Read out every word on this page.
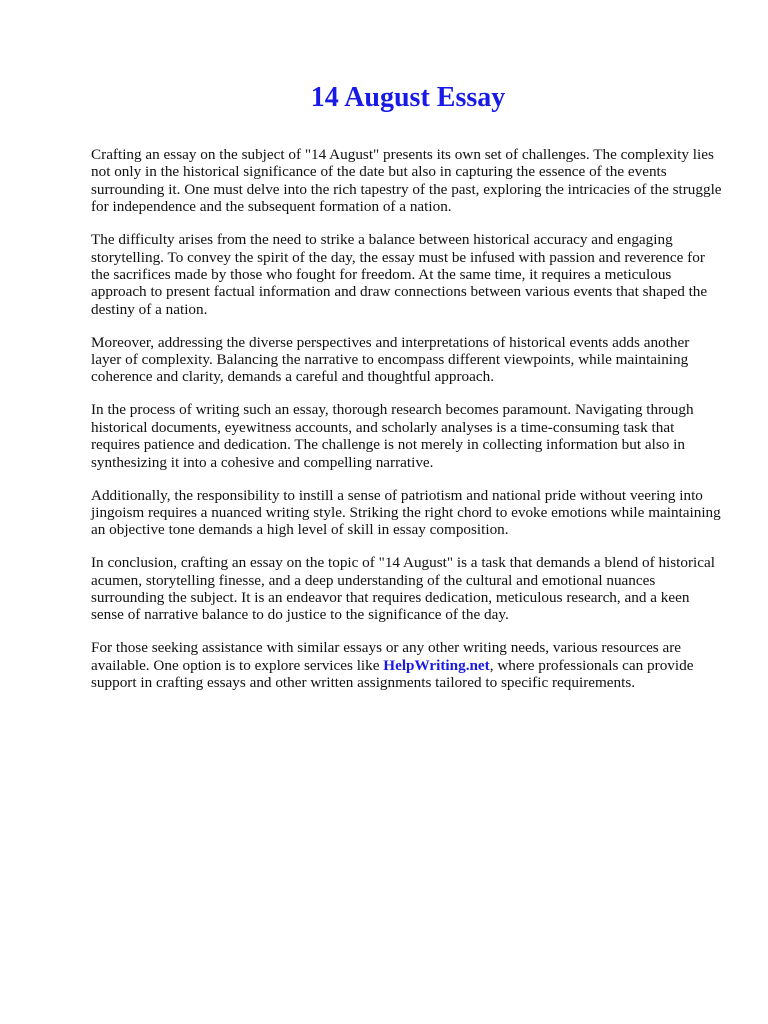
14 August Essay

Crafting an essay on the subject of "14 August" presents its own set of challenges. The complexity lies not only in the historical significance of the date but also in capturing the essence of the events surrounding it. One must delve into the rich tapestry of the past, exploring the intricacies of the struggle for independence and the subsequent formation of a nation.

The difficulty arises from the need to strike a balance between historical accuracy and engaging storytelling. To convey the spirit of the day, the essay must be infused with passion and reverence for the sacrifices made by those who fought for freedom. At the same time, it requires a meticulous approach to present factual information and draw connections between various events that shaped the destiny of a nation.

Moreover, addressing the diverse perspectives and interpretations of historical events adds another layer of complexity. Balancing the narrative to encompass different viewpoints, while maintaining coherence and clarity, demands a careful and thoughtful approach.

In the process of writing such an essay, thorough research becomes paramount. Navigating through historical documents, eyewitness accounts, and scholarly analyses is a time-consuming task that requires patience and dedication. The challenge is not merely in collecting information but also in synthesizing it into a cohesive and compelling narrative.

Additionally, the responsibility to instill a sense of patriotism and national pride without veering into jingoism requires a nuanced writing style. Striking the right chord to evoke emotions while maintaining an objective tone demands a high level of skill in essay composition.

In conclusion, crafting an essay on the topic of "14 August" is a task that demands a blend of historical acumen, storytelling finesse, and a deep understanding of the cultural and emotional nuances surrounding the subject. It is an endeavor that requires dedication, meticulous research, and a keen sense of narrative balance to do justice to the significance of the day.

For those seeking assistance with similar essays or any other writing needs, various resources are available. One option is to explore services like HelpWriting.net, where professionals can provide support in crafting essays and other written assignments tailored to specific requirements.
